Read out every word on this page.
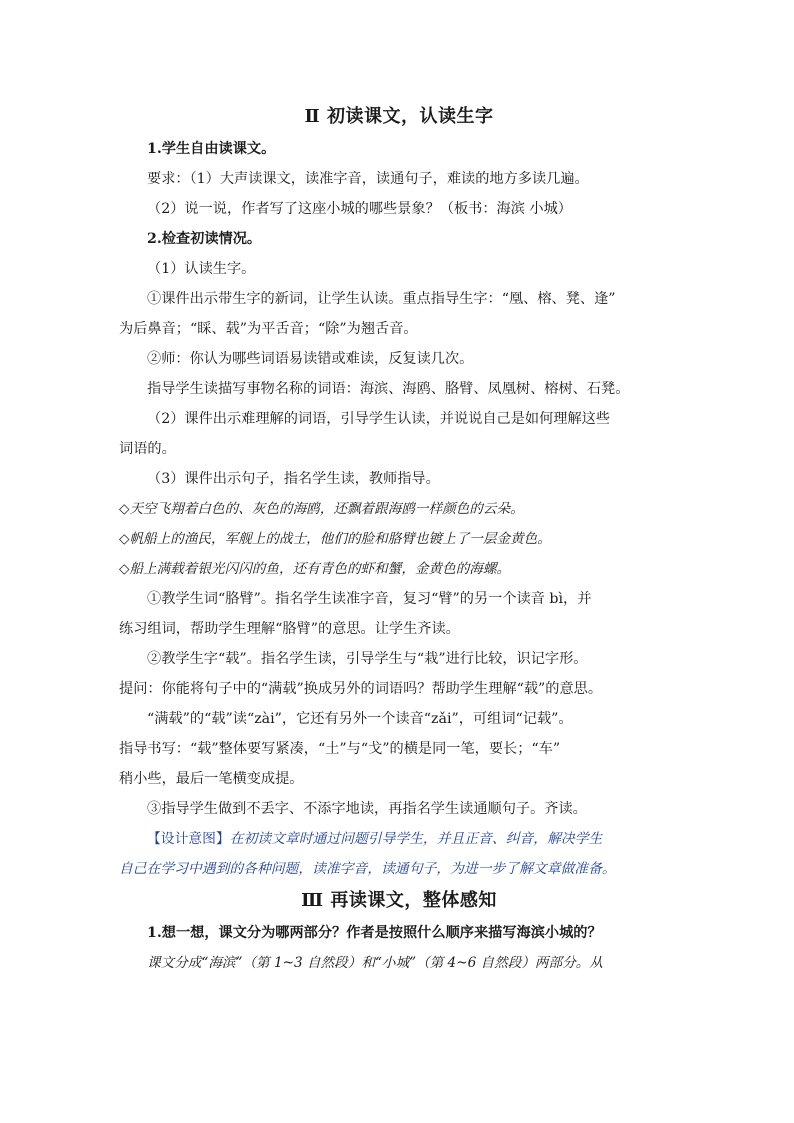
Ⅱ 初读课文，认读生字

1.学生自由读课文。

要求：（1）大声读课文，读准字音，读通句子，难读的地方多读几遍。

（2）说一说，作者写了这座小城的哪些景象？（板书：海滨 小城）

2.检查初读情况。

（1）认读生字。

①课件出示带生字的新词，让学生认读。重点指导生字：“凰、榕、凳、逢”

为后鼻音；“睬、载”为平舌音；“除”为翘舌音。

②师：你认为哪些词语易读错或难读，反复读几次。

指导学生读描写事物名称的词语：海滨、海鸥、胳臂、凤凰树、榕树、石凳。

（2）课件出示难理解的词语，引导学生认读，并说说自己是如何理解这些

词语的。

（3）课件出示句子，指名学生读，教师指导。

◇天空飞翔着白色的、灰色的海鸥，还飘着跟海鸥一样颜色的云朵。

◇帆船上的渔民，军舰上的战士，他们的脸和胳臂也镀上了一层金黄色。

◇船上满载着银光闪闪的鱼，还有青色的虾和蟹，金黄色的海螺。

①教学生词“胳臂”。指名学生读准字音，复习“臂”的另一个读音 bì，并

练习组词，帮助学生理解“胳臂”的意思。让学生齐读。

②教学生字“载”。指名学生读，引导学生与“栽”进行比较，识记字形。

提问：你能将句子中的“满载”换成另外的词语吗？帮助学生理解“载”的意思。

“满载”的“载”读“zài”，它还有另外一个读音“zǎi”，可组词“记载”。

指导书写：“载”整体要写紧凑，“土”与“戈”的横是同一笔，要长；“车”

稍小些，最后一笔横变成提。

③指导学生做到不丢字、不添字地读，再指名学生读通顺句子。齐读。

【设计意图】在初读文章时通过问题引导学生，并且正音、纠音，解决学生

自己在学习中遇到的各种问题，读准字音，读通句子，为进一步了解文章做准备。

Ⅲ 再读课文，整体感知

1.想一想，课文分为哪两部分？作者是按照什么顺序来描写海滨小城的？

课文分成“海滨”（第 1~3 自然段）和“小城”（第 4~6 自然段）两部分。从
